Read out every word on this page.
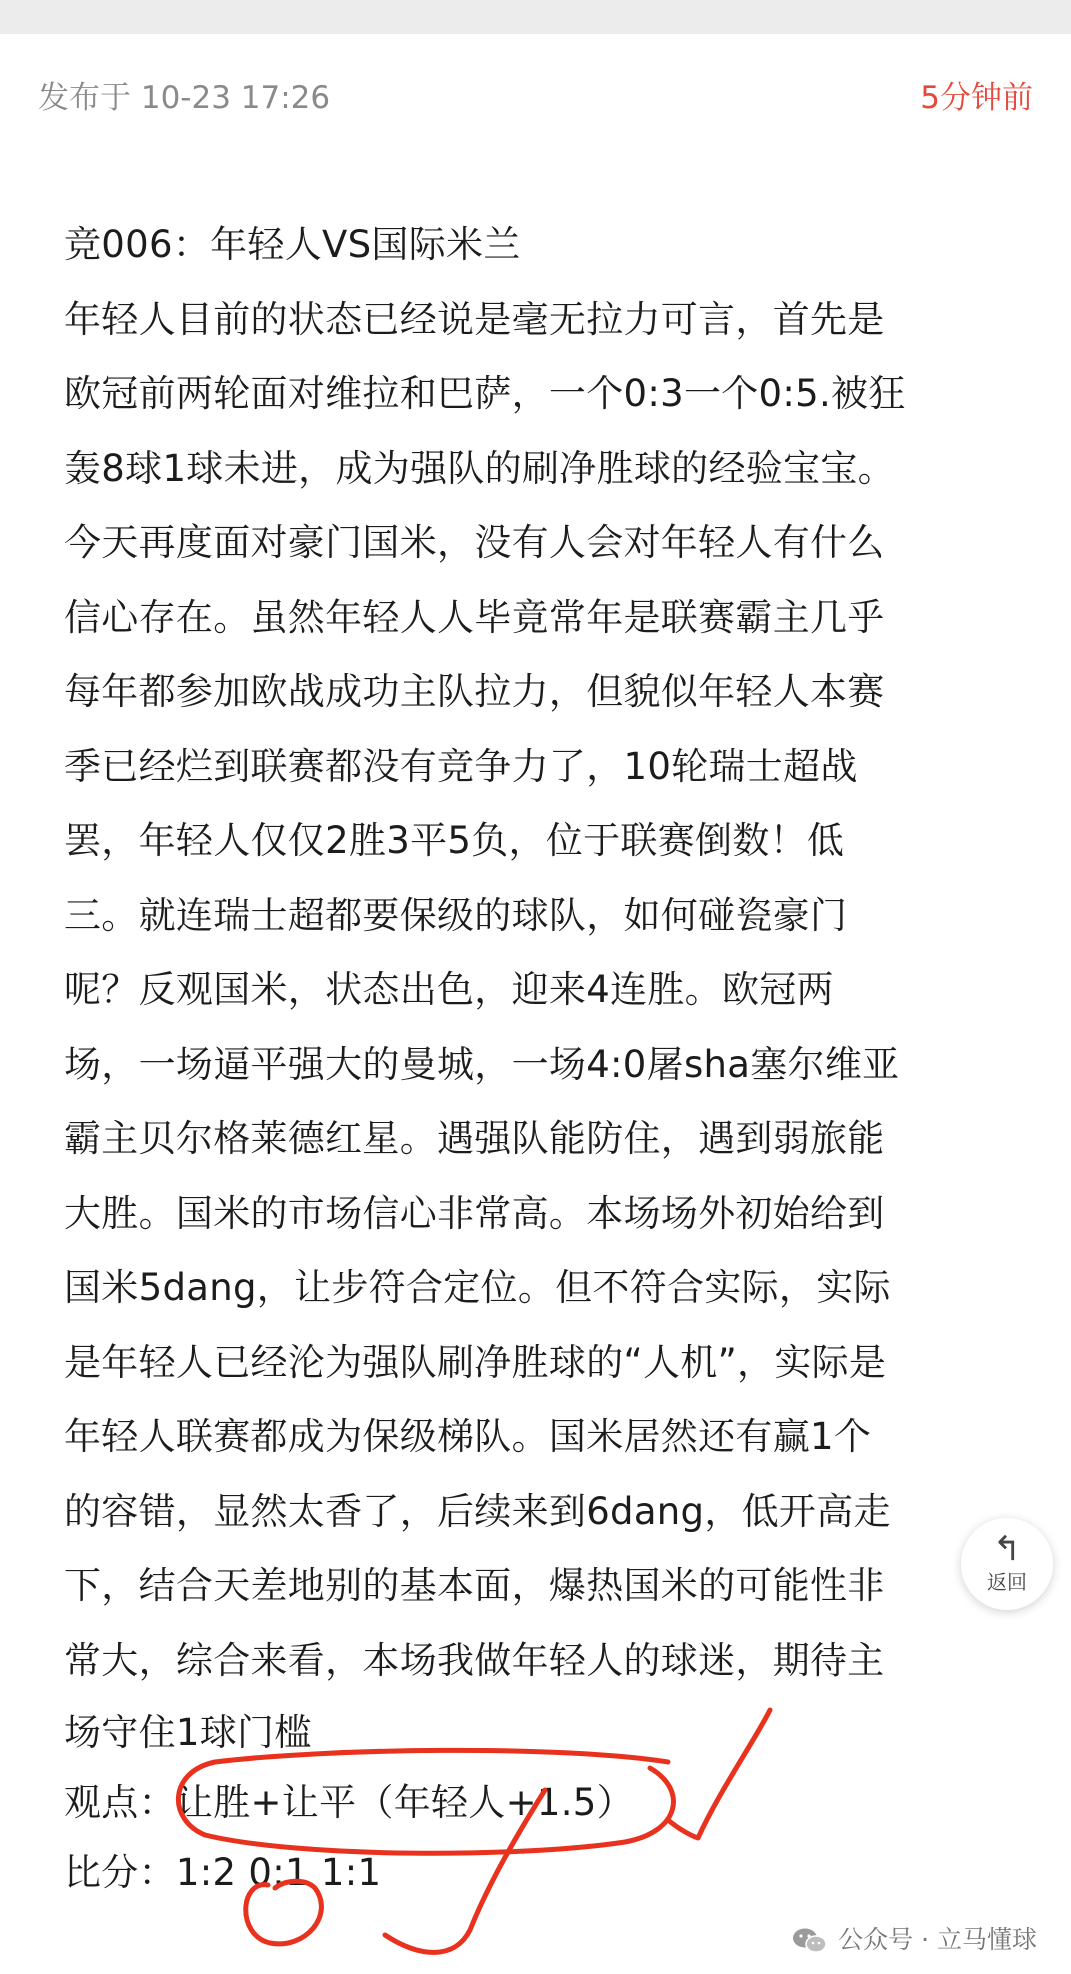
发布于 10-23 17:26	5分钟前
竞006：年轻人VS国际米兰
年轻人目前的状态已经说是毫无拉力可言，首先是
欧冠前两轮面对维拉和巴萨，一个0:3一个0:5.被狂
轰8球1球未进，成为强队的刷净胜球的经验宝宝。
今天再度面对豪门国米，没有人会对年轻人有什么
信心存在。虽然年轻人人毕竟常年是联赛霸主几乎
每年都参加欧战成功主队拉力，但貌似年轻人本赛
季已经烂到联赛都没有竞争力了，10轮瑞士超战
罢，年轻人仅仅2胜3平5负，位于联赛倒数！低
三。就连瑞士超都要保级的球队，如何碰瓷豪门
呢？反观国米，状态出色，迎来4连胜。欧冠两
场，一场逼平强大的曼城，一场4:0屠sha塞尔维亚
霸主贝尔格莱德红星。遇强队能防住，遇到弱旅能
大胜。国米的市场信心非常高。本场场外初始给到
国米5dang，让步符合定位。但不符合实际，实际
是年轻人已经沦为强队刷净胜球的“人机”，实际是
年轻人联赛都成为保级梯队。国米居然还有赢1个
的容错，显然太香了，后续来到6dang，低开高走
下，结合天差地别的基本面，爆热国米的可能性非
常大，综合来看，本场我做年轻人的球迷，期待主
场守住1球门槛
观点：让胜+让平（年轻人+1.5）
比分：1:2 0:1 1:1
↰
返回
公众号 · 立马懂球
